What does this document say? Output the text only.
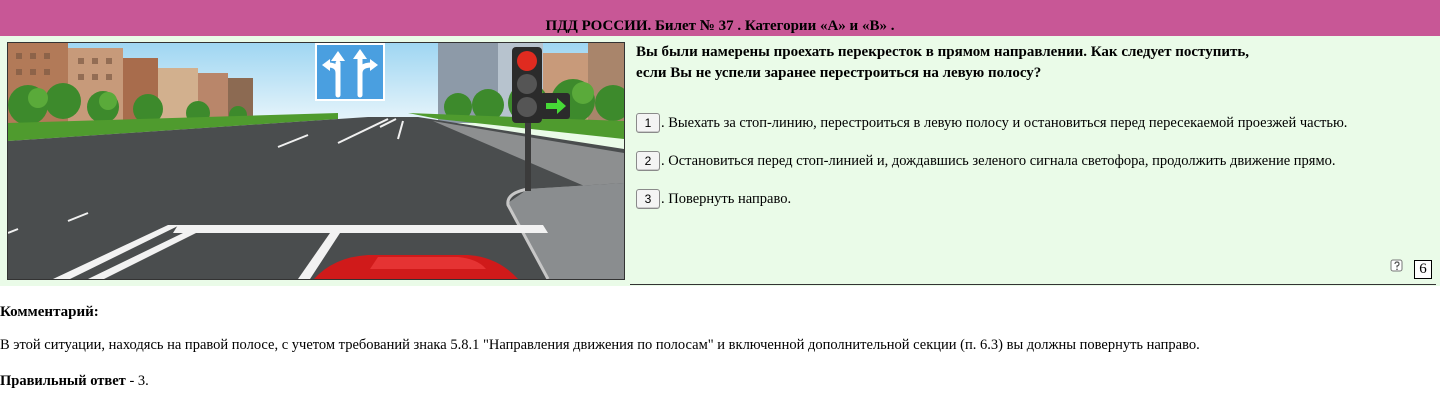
ПДД РОССИИ. Билет № 37 . Категории «A» и «B» .

Вы были намерены проехать перекресток в прямом направлении. Как следует поступить,
если Вы не успели заранее перестроиться на левую полосу?

1 . Выехать за стоп-линию, перестроиться в левую полосу и остановиться перед пересекаемой проезжей частью.
2 . Остановиться перед стоп-линией и, дождавшись зеленого сигнала светофора, продолжить движение прямо.
3 . Повернуть направо.
6
Комментарий:
В этой ситуации, находясь на правой полосе, с учетом требований знака 5.8.1 "Направления движения по полосам" и включенной дополнительной секции (п. 6.3) вы должны повернуть направо.
Правильный ответ - 3.
